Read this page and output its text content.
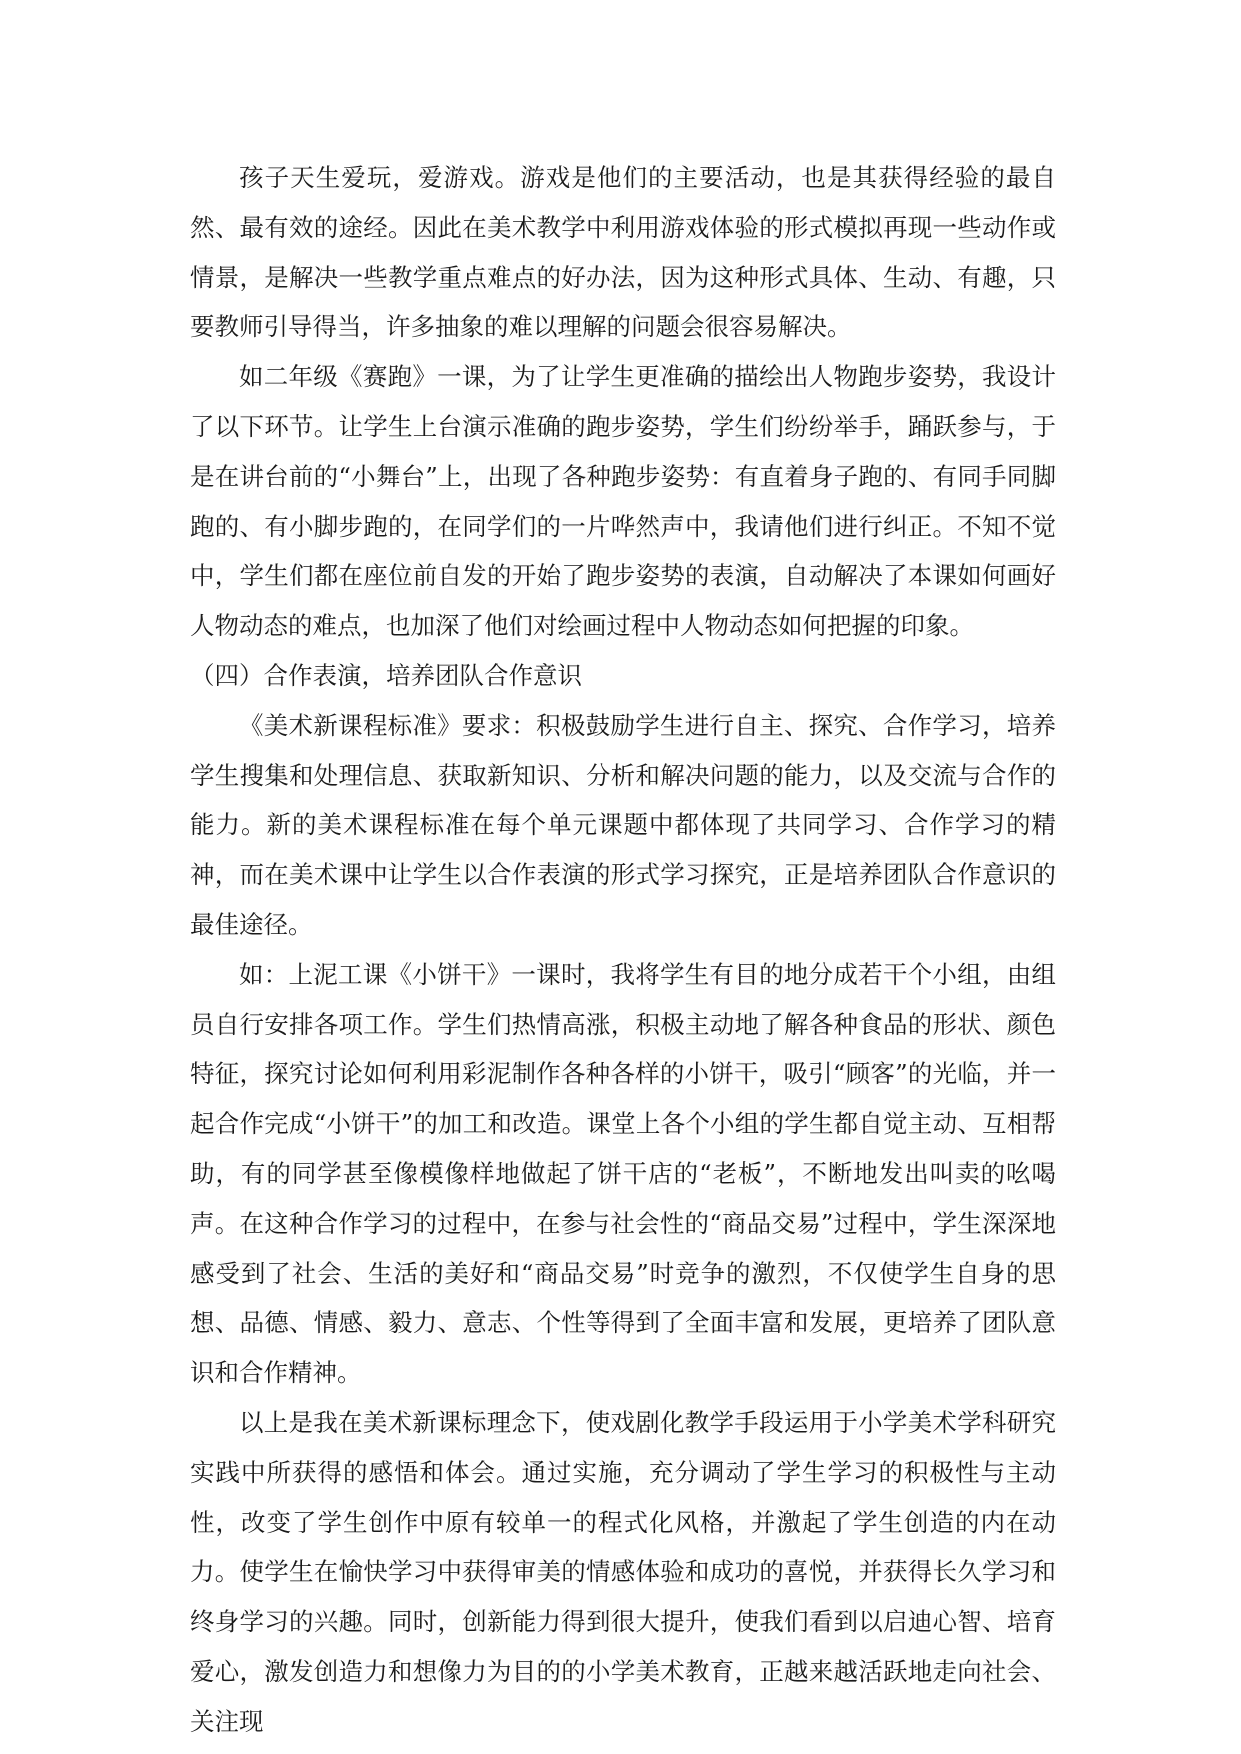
孩子天生爱玩，爱游戏。游戏是他们的主要活动，也是其获得经验的最自然、最有效的途经。因此在美术教学中利用游戏体验的形式模拟再现一些动作或情景，是解决一些教学重点难点的好办法，因为这种形式具体、生动、有趣，只要教师引导得当，许多抽象的难以理解的问题会很容易解决。

如二年级《赛跑》一课，为了让学生更准确的描绘出人物跑步姿势，我设计了以下环节。让学生上台演示准确的跑步姿势，学生们纷纷举手，踊跃参与，于是在讲台前的“小舞台”上，出现了各种跑步姿势：有直着身子跑的、有同手同脚跑的、有小脚步跑的，在同学们的一片哗然声中，我请他们进行纠正。不知不觉中，学生们都在座位前自发的开始了跑步姿势的表演，自动解决了本课如何画好人物动态的难点，也加深了他们对绘画过程中人物动态如何把握的印象。

（四）合作表演，培养团队合作意识

《美术新课程标准》要求：积极鼓励学生进行自主、探究、合作学习，培养学生搜集和处理信息、获取新知识、分析和解决问题的能力，以及交流与合作的能力。新的美术课程标准在每个单元课题中都体现了共同学习、合作学习的精神，而在美术课中让学生以合作表演的形式学习探究，正是培养团队合作意识的最佳途径。

如：上泥工课《小饼干》一课时，我将学生有目的地分成若干个小组，由组员自行安排各项工作。学生们热情高涨，积极主动地了解各种食品的形状、颜色特征，探究讨论如何利用彩泥制作各种各样的小饼干，吸引“顾客”的光临，并一起合作完成“小饼干”的加工和改造。课堂上各个小组的学生都自觉主动、互相帮助，有的同学甚至像模像样地做起了饼干店的“老板”，不断地发出叫卖的吆喝声。在这种合作学习的过程中，在参与社会性的“商品交易”过程中，学生深深地感受到了社会、生活的美好和“商品交易”时竞争的激烈，不仅使学生自身的思想、品德、情感、毅力、意志、个性等得到了全面丰富和发展，更培养了团队意识和合作精神。

以上是我在美术新课标理念下，使戏剧化教学手段运用于小学美术学科研究实践中所获得的感悟和体会。通过实施，充分调动了学生学习的积极性与主动性，改变了学生创作中原有较单一的程式化风格，并激起了学生创造的内在动力。使学生在愉快学习中获得审美的情感体验和成功的喜悦，并获得长久学习和终身学习的兴趣。同时，创新能力得到很大提升，使我们看到以启迪心智、培育爱心，激发创造力和想像力为目的的小学美术教育，正越来越活跃地走向社会、关注现
